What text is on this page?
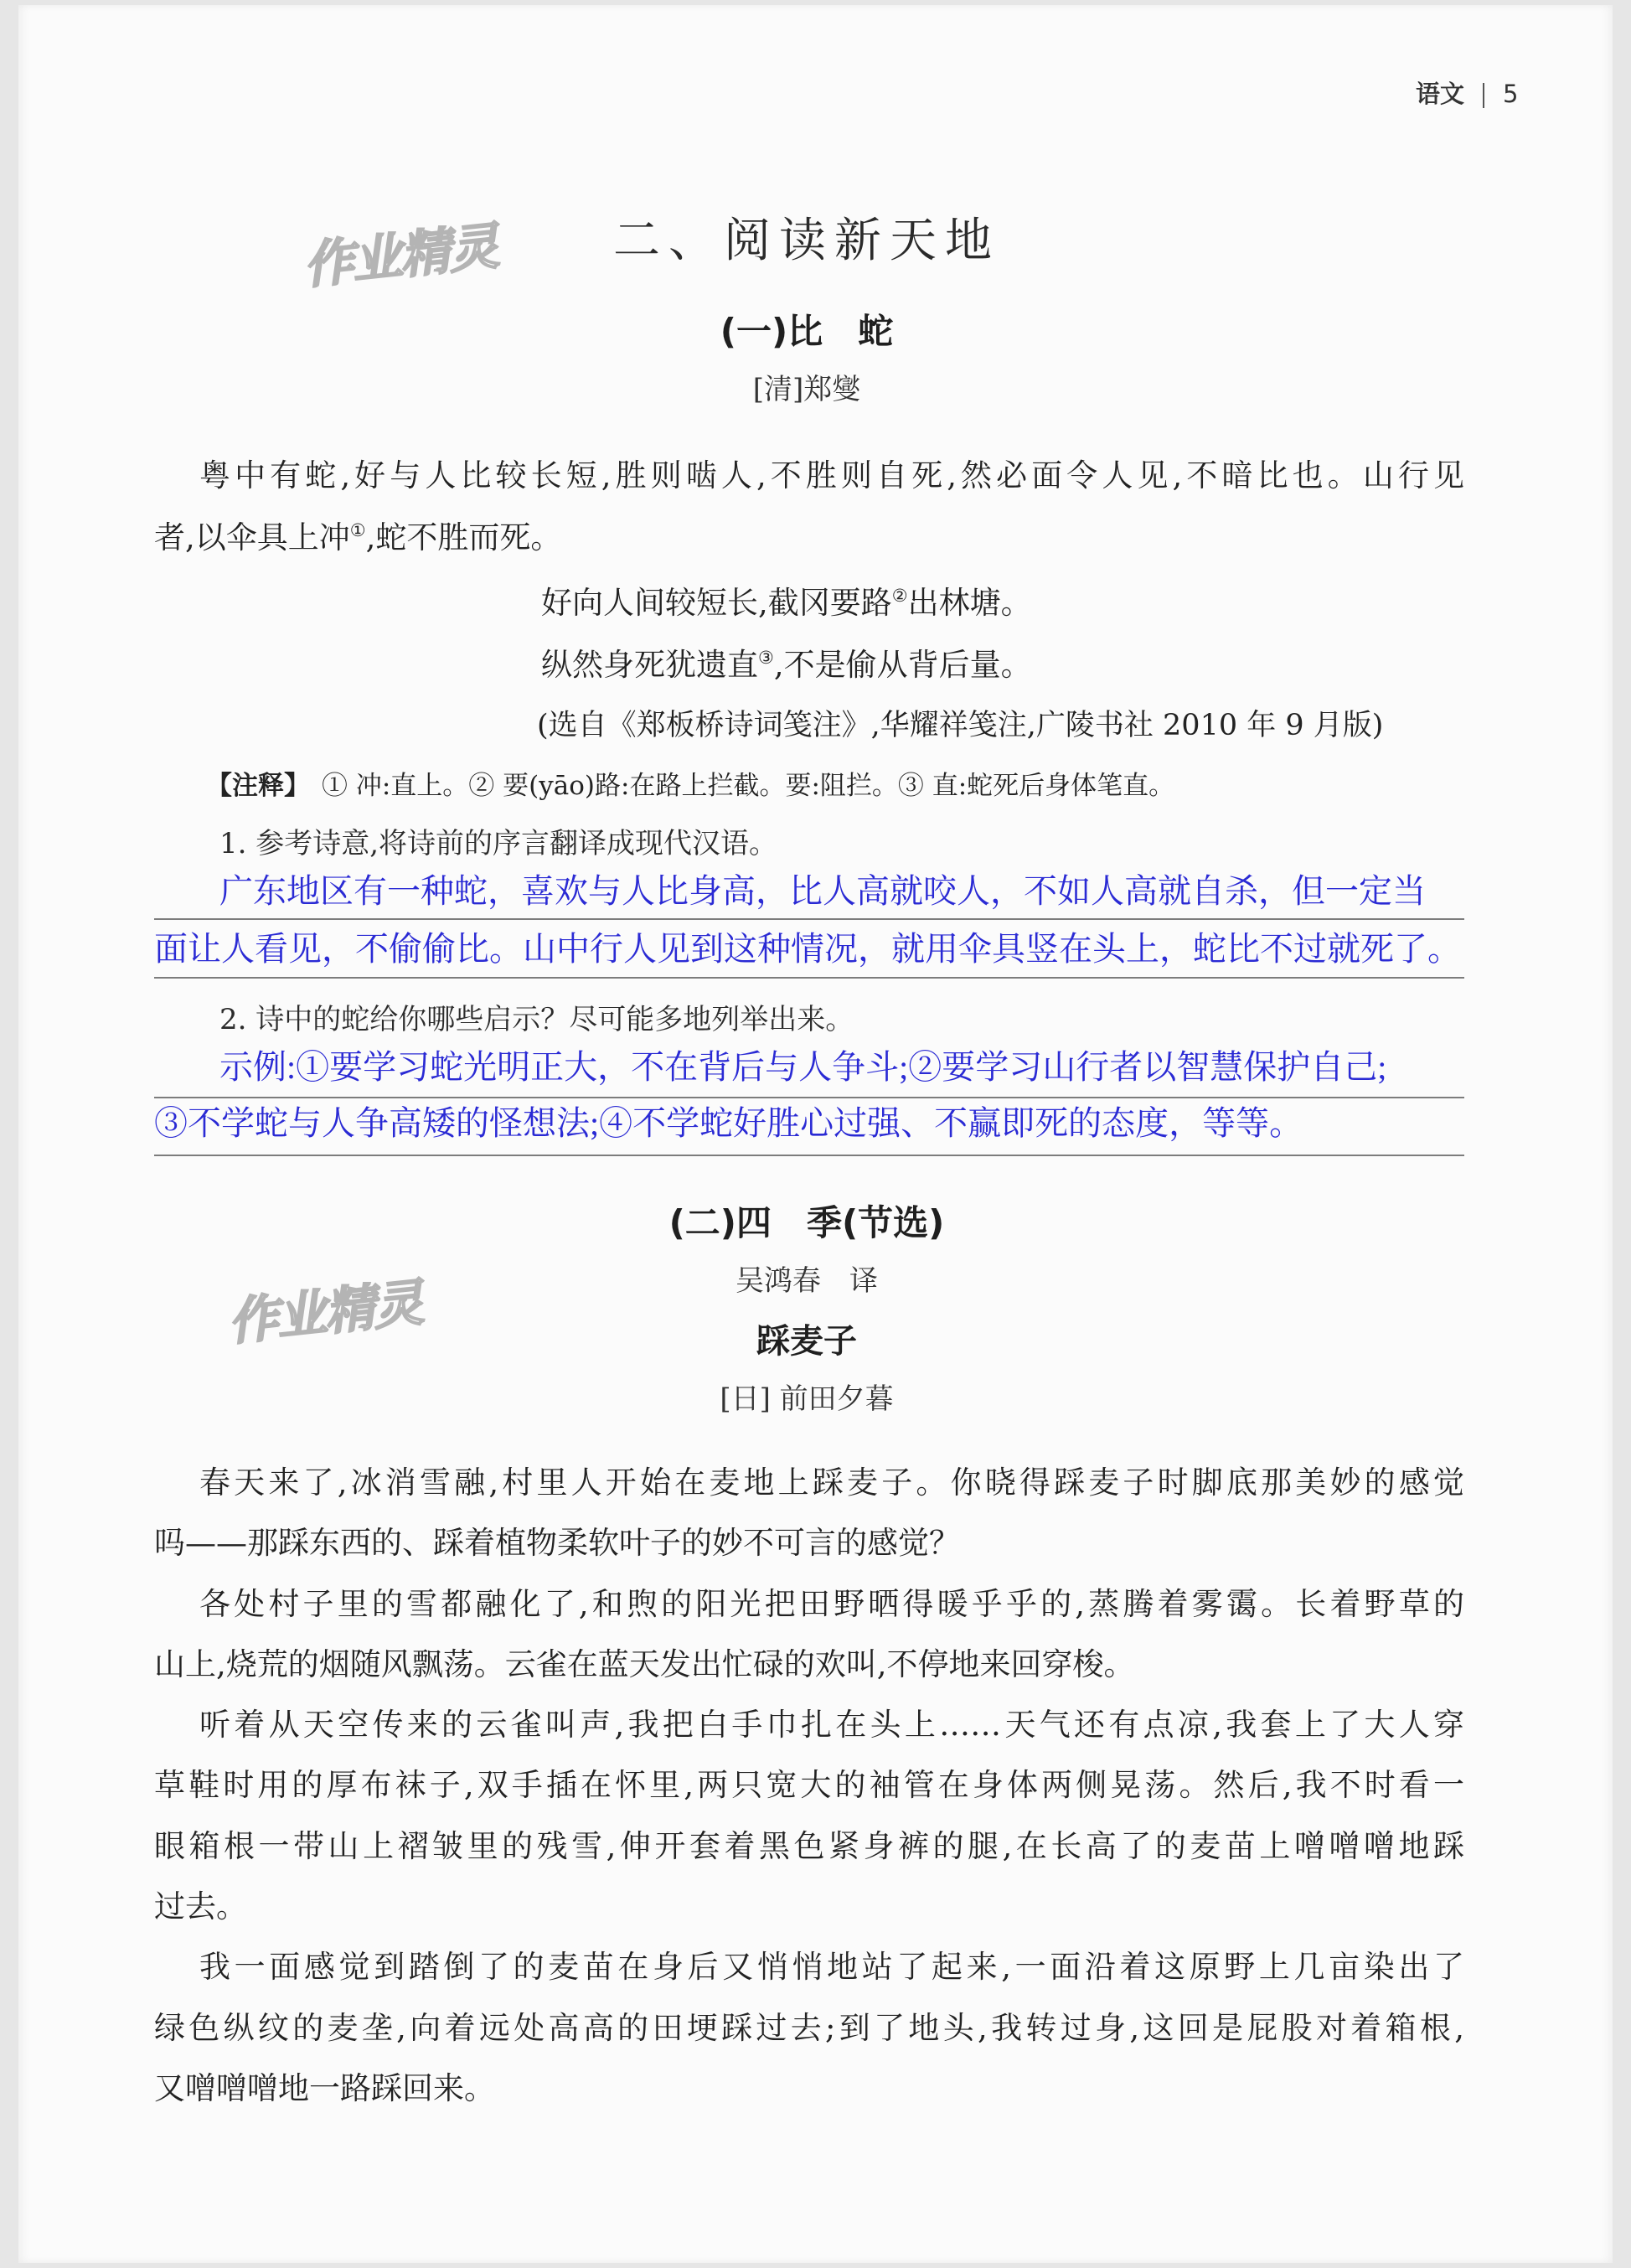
语文 5
作业精灵
作业精灵
二、阅读新天地
(一)比　蛇
[清]郑燮
粤中有蛇,好与人比较长短,胜则啮人,不胜则自死,然必面令人见,不暗比也。山行见
者,以伞具上冲①,蛇不胜而死。
好向人间较短长,截冈要路②出林塘。
纵然身死犹遗直③,不是偷从背后量。
(选自《郑板桥诗词笺注》,华耀祥笺注,广陵书社 2010 年 9 月版)
【注释】 ① 冲:直上。② 要(yāo)路:在路上拦截。要:阻拦。③ 直:蛇死后身体笔直。
1. 参考诗意,将诗前的序言翻译成现代汉语。
广东地区有一种蛇，喜欢与人比身高，比人高就咬人，不如人高就自杀，但一定当
面让人看见，不偷偷比。山中行人见到这种情况，就用伞具竖在头上，蛇比不过就死了。
2. 诗中的蛇给你哪些启示？尽可能多地列举出来。
示例:①要学习蛇光明正大，不在背后与人争斗;②要学习山行者以智慧保护自己;
③不学蛇与人争高矮的怪想法;④不学蛇好胜心过强、不赢即死的态度，等等。
(二)四　季(节选)
吴鸿春　译
踩麦子
[日] 前田夕暮
春天来了,冰消雪融,村里人开始在麦地上踩麦子。你晓得踩麦子时脚底那美妙的感觉
吗——那踩东西的、踩着植物柔软叶子的妙不可言的感觉？
各处村子里的雪都融化了,和煦的阳光把田野晒得暖乎乎的,蒸腾着雾霭。长着野草的
山上,烧荒的烟随风飘荡。云雀在蓝天发出忙碌的欢叫,不停地来回穿梭。
听着从天空传来的云雀叫声,我把白手巾扎在头上……天气还有点凉,我套上了大人穿
草鞋时用的厚布袜子,双手插在怀里,两只宽大的袖管在身体两侧晃荡。然后,我不时看一
眼箱根一带山上褶皱里的残雪,伸开套着黑色紧身裤的腿,在长高了的麦苗上噌噌噌地踩
过去。
我一面感觉到踏倒了的麦苗在身后又悄悄地站了起来,一面沿着这原野上几亩染出了
绿色纵纹的麦垄,向着远处高高的田埂踩过去;到了地头,我转过身,这回是屁股对着箱根,
又噌噌噌地一路踩回来。
